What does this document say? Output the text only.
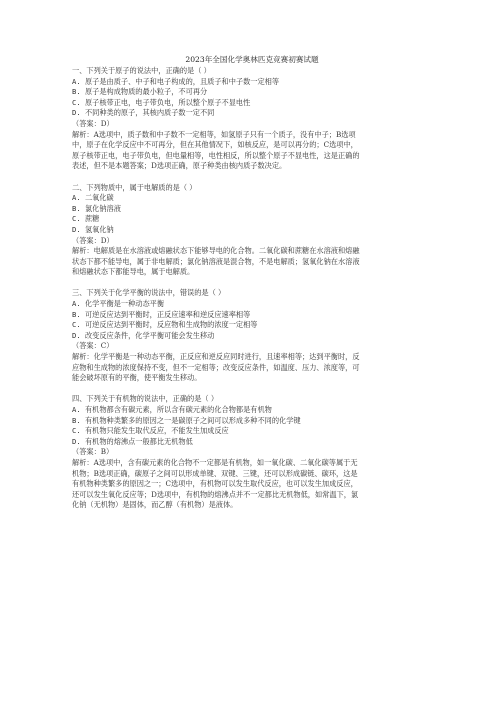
2023年全国化学奥林匹克竞赛初赛试题
一、下列关于原子的说法中，正确的是（ ）
A. 原子是由质子、中子和电子构成的，且质子和中子数一定相等
B. 原子是构成物质的最小粒子，不可再分
C. 原子核带正电，电子带负电，所以整个原子不显电性
D. 不同种类的原子，其核内质子数一定不同
（答案：D）
解析：A选项中，质子数和中子数不一定相等，如氢原子只有一个质子，没有中子；B选项
中，原子在化学反应中不可再分，但在其他情况下，如核反应，是可以再分的；C选项中，
原子核带正电，电子带负电，但电量相等，电性相反，所以整个原子不显电性，这是正确的
表述，但不是本题答案；D选项正确，原子种类由核内质子数决定。
二、下列物质中，属于电解质的是（ ）
A. 二氧化碳
B. 氯化钠溶液
C. 蔗糖
D. 氢氧化钠
（答案：D）
解析：电解质是在水溶液或熔融状态下能够导电的化合物。二氧化碳和蔗糖在水溶液和熔融
状态下都不能导电，属于非电解质；氯化钠溶液是混合物，不是电解质；氢氧化钠在水溶液
和熔融状态下都能导电，属于电解质。
三、下列关于化学平衡的说法中，错误的是（ ）
A. 化学平衡是一种动态平衡
B. 可逆反应达到平衡时，正反应速率和逆反应速率相等
C. 可逆反应达到平衡时，反应物和生成物的浓度一定相等
D. 改变反应条件，化学平衡可能会发生移动
（答案：C）
解析：化学平衡是一种动态平衡，正反应和逆反应同时进行，且速率相等；达到平衡时，反
应物和生成物的浓度保持不变，但不一定相等；改变反应条件，如温度、压力、浓度等，可
能会破坏原有的平衡，使平衡发生移动。
四、下列关于有机物的说法中，正确的是（ ）
A. 有机物都含有碳元素，所以含有碳元素的化合物都是有机物
B. 有机物种类繁多的原因之一是碳原子之间可以形成多种不同的化学键
C. 有机物只能发生取代反应，不能发生加成反应
D. 有机物的熔沸点一般都比无机物低
（答案：B）
解析：A选项中，含有碳元素的化合物不一定都是有机物，如一氧化碳、二氧化碳等属于无
机物；B选项正确，碳原子之间可以形成单键、双键、三键，还可以形成碳链、碳环，这是
有机物种类繁多的原因之一；C选项中，有机物可以发生取代反应，也可以发生加成反应，
还可以发生氧化反应等；D选项中，有机物的熔沸点并不一定都比无机物低，如常温下，氯
化钠（无机物）是固体，而乙醇（有机物）是液体。
